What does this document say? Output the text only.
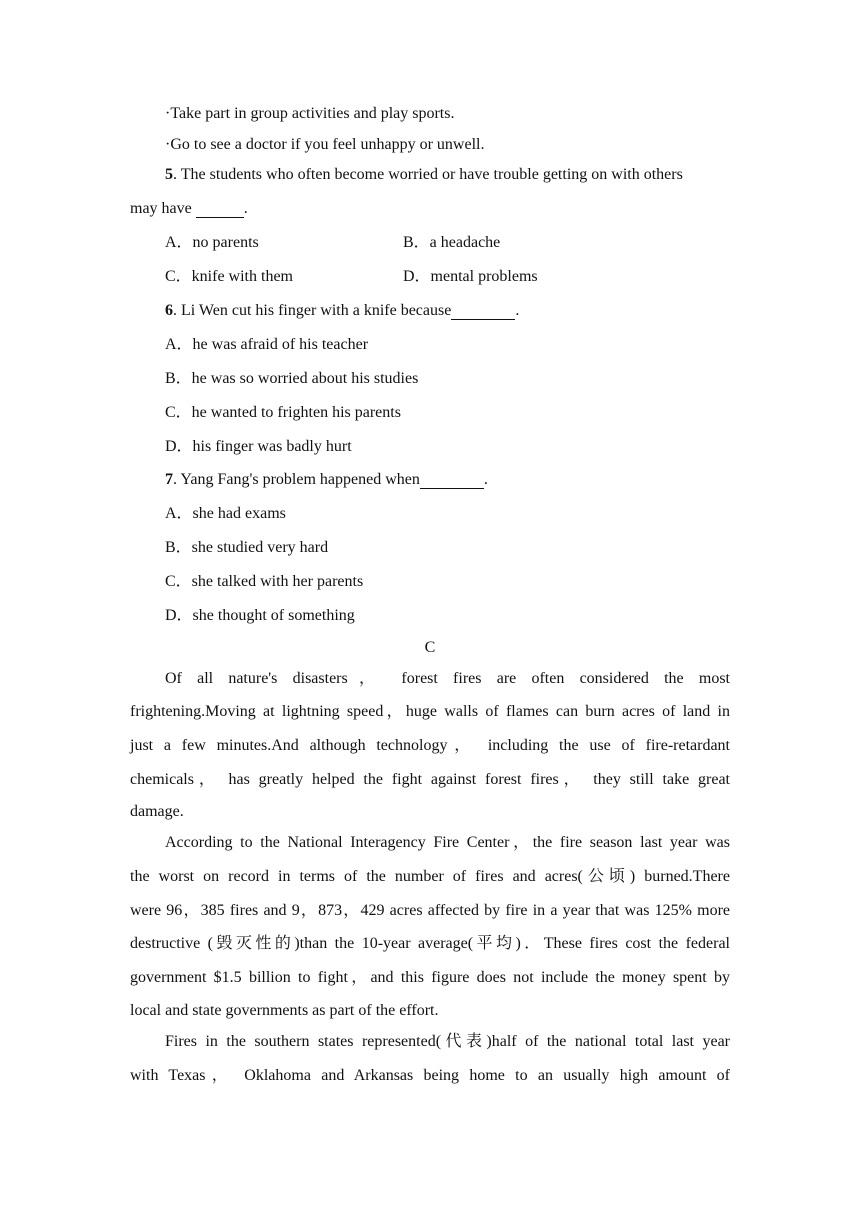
·Take part in group activities and play sports.
·Go to see a doctor if you feel unhappy or unwell.
5. The students who often become worried or have trouble getting on with others
may have	.
A．no parents	B．a headache
C．knife with them	D．mental problems
6. Li Wen cut his finger with a knife because	.
A．he was afraid of his teacher
B．he was so worried about his studies
C．he wanted to frighten his parents
D．his finger was badly hurt
7. Yang Fang's problem happened when	.
A．she had exams
B．she studied very hard
C．she talked with her parents
D．she thought of something
C
Of all nature's disasters， forest fires are often considered the most
frightening.Moving at lightning speed，huge walls of flames can burn acres of land in
just a few minutes.And although technology， including the use of fire-retardant
chemicals， has greatly helped the fight against forest fires， they still take great
damage.
According to the National Interagency Fire Center，the fire season last year was
the worst on record in terms of the number of fires and acres(公顷) burned.There
were 96，385 fires and 9，873，429 acres affected by fire in a year that was 125% more
destructive (毁灭性的)than the 10-year average(平均)．These fires cost the federal
government $1.5 billion to fight，and this figure does not include the money spent by
local and state governments as part of the effort.
Fires in the southern states represented(代表)half of the national total last year
with Texas， Oklahoma and Arkansas being home to an usually high amount of
